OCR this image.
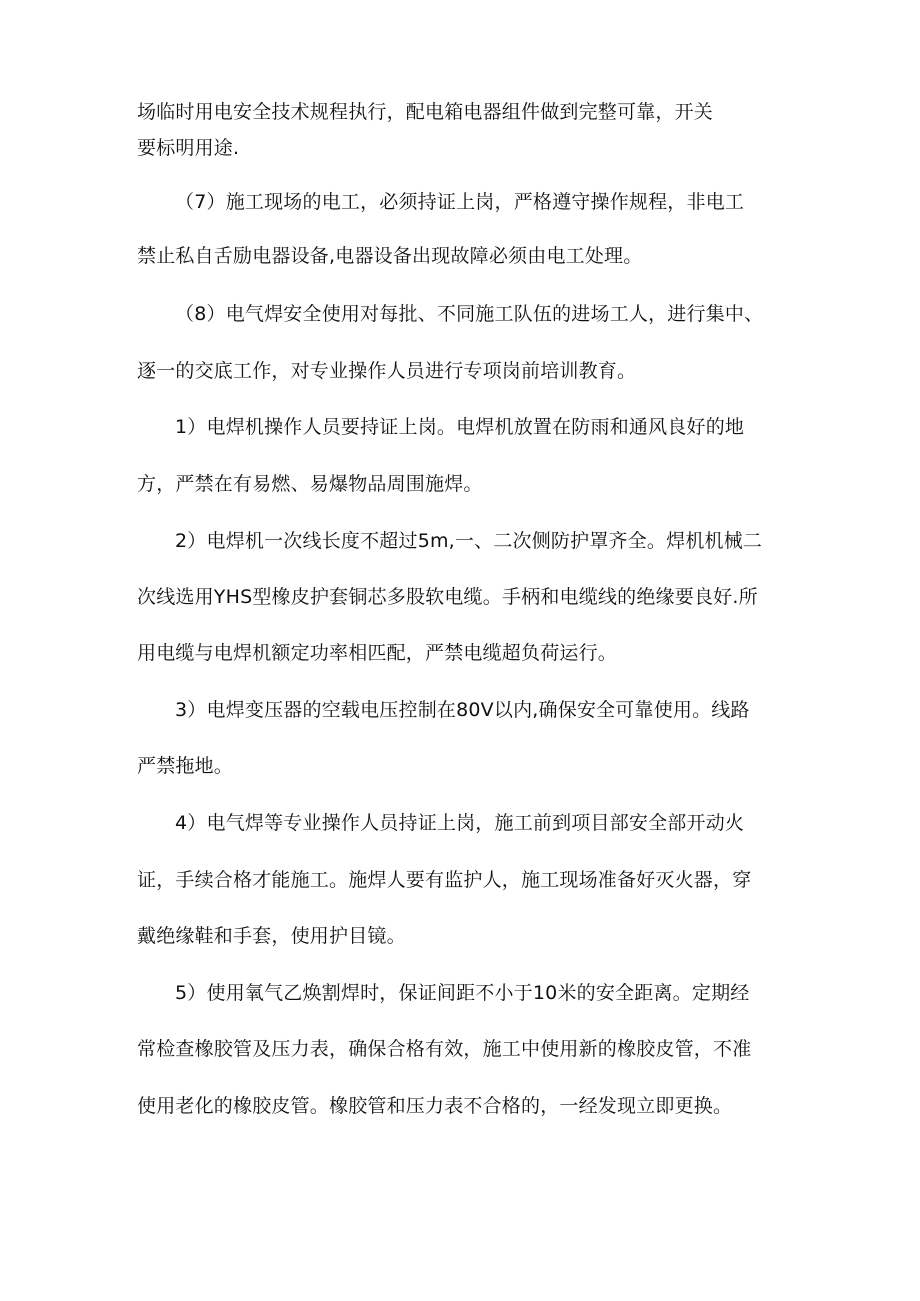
场临时用电安全技术规程执行，配电箱电器组件做到完整可靠，开关
要标明用途.
（7）施工现场的电工，必须持证上岗，严格遵守操作规程，非电工
禁止私自舌励电器设备,电器设备出现故障必须由电工处理。
（8）电气焊安全使用对每批、不同施工队伍的进场工人，进行集中、
逐一的交底工作，对专业操作人员进行专项岗前培训教育。
1）电焊机操作人员要持证上岗。电焊机放置在防雨和通风良好的地
方，严禁在有易燃、易爆物品周围施焊。
2）电焊机一次线长度不超过5m,一、二次侧防护罩齐全。焊机机械二
次线选用YHS型橡皮护套铜芯多股软电缆。手柄和电缆线的绝缘要良好.所
用电缆与电焊机额定功率相匹配，严禁电缆超负荷运行。
3）电焊变压器的空载电压控制在80V以内,确保安全可靠使用。线路
严禁拖地。
4）电气焊等专业操作人员持证上岗，施工前到项目部安全部开动火
证，手续合格才能施工。施焊人要有监护人，施工现场准备好灭火器，穿
戴绝缘鞋和手套，使用护目镜。
5）使用氧气乙焕割焊时，保证间距不小于10米的安全距离。定期经
常检查橡胶管及压力表，确保合格有效，施工中使用新的橡胶皮管，不准
使用老化的橡胶皮管。橡胶管和压力表不合格的，一经发现立即更换。
